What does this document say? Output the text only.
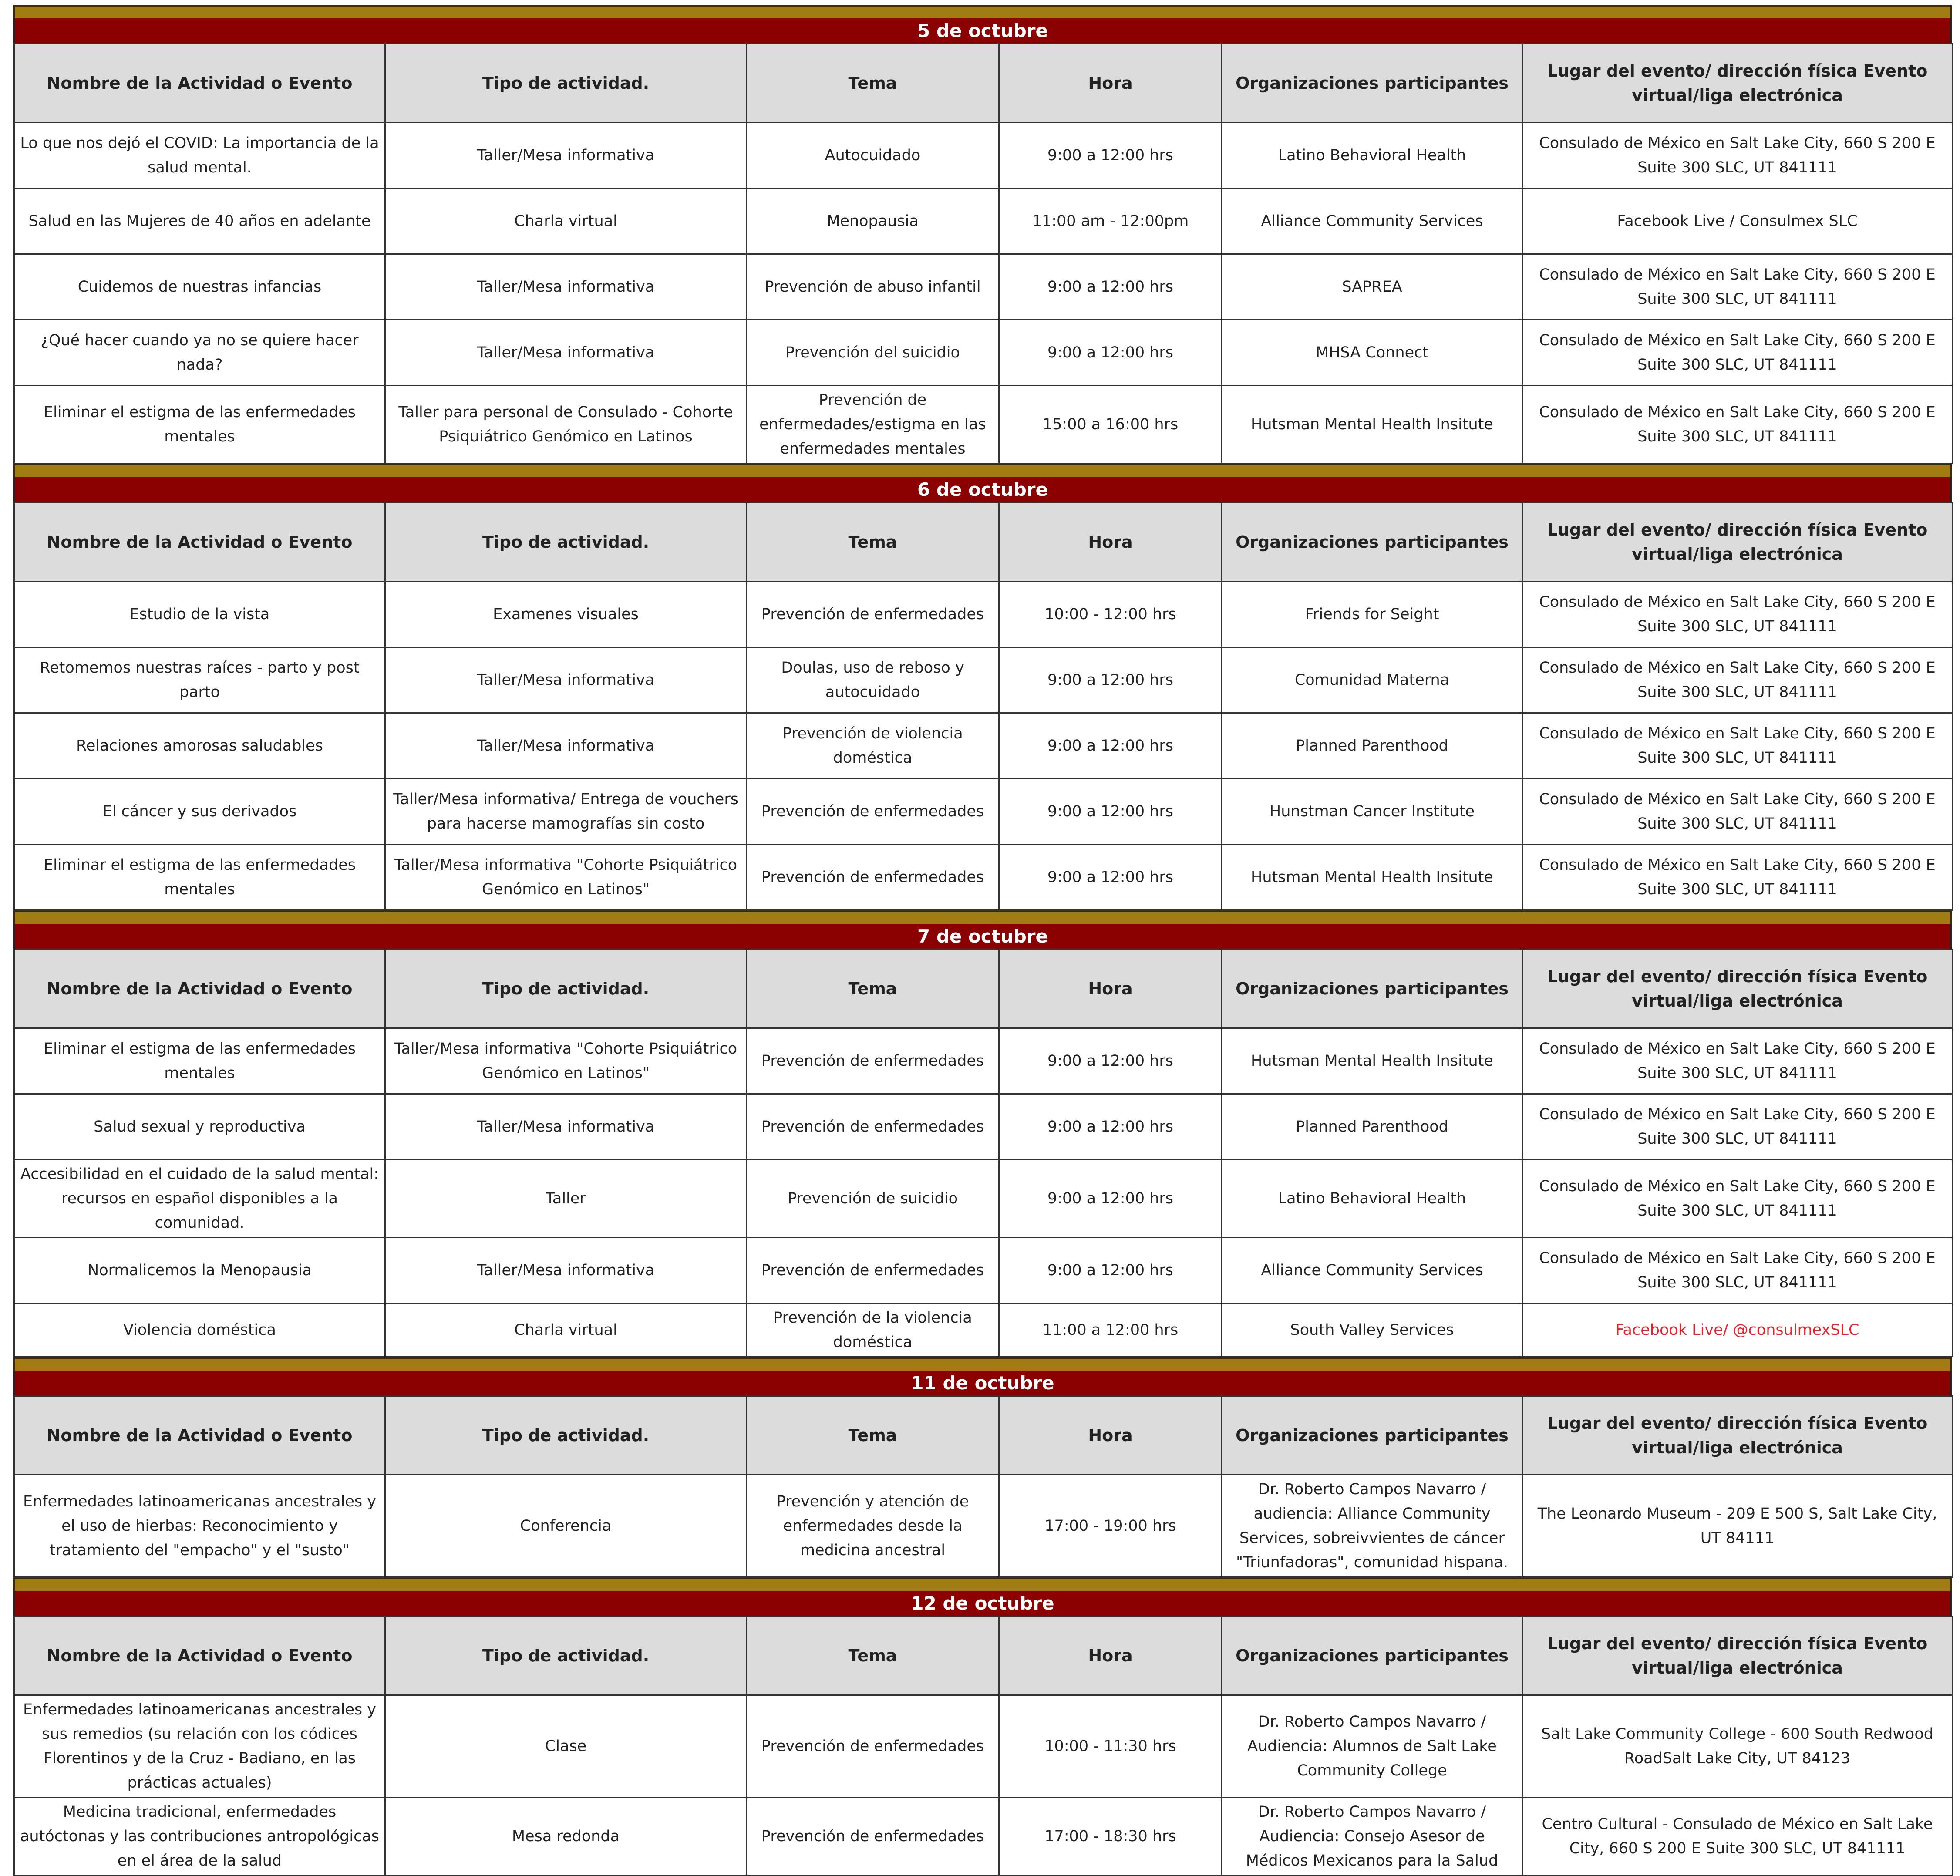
5 de octubre
Nombre de la Actividad o Evento	Tipo de actividad.	Tema	Hora	Organizaciones participantes	Lugar del evento/ dirección física Evento virtual/liga electrónica
Lo que nos dejó el COVID: La importancia de la salud mental.	Taller/Mesa informativa	Autocuidado	9:00 a 12:00 hrs	Latino Behavioral Health	Consulado de México en Salt Lake City, 660 S 200 E Suite 300 SLC, UT 841111
Salud en las Mujeres de 40 años en adelante	Charla virtual	Menopausia	11:00 am - 12:00pm	Alliance Community Services	Facebook Live / Consulmex SLC
Cuidemos de nuestras infancias	Taller/Mesa informativa	Prevención de abuso infantil	9:00 a 12:00 hrs	SAPREA	Consulado de México en Salt Lake City, 660 S 200 E Suite 300 SLC, UT 841111
¿Qué hacer cuando ya no se quiere hacer nada?	Taller/Mesa informativa	Prevención del suicidio	9:00 a 12:00 hrs	MHSA Connect	Consulado de México en Salt Lake City, 660 S 200 E Suite 300 SLC, UT 841111
Eliminar el estigma de las enfermedades mentales	Taller para personal de Consulado - Cohorte Psiquiátrico Genómico en Latinos	Prevención de enfermedades/estigma en las enfermedades mentales	15:00 a 16:00 hrs	Hutsman Mental Health Insitute	Consulado de México en Salt Lake City, 660 S 200 E Suite 300 SLC, UT 841111
6 de octubre
Nombre de la Actividad o Evento	Tipo de actividad.	Tema	Hora	Organizaciones participantes	Lugar del evento/ dirección física Evento virtual/liga electrónica
Estudio de la vista	Examenes visuales	Prevención de enfermedades	10:00 - 12:00 hrs	Friends for Seight	Consulado de México en Salt Lake City, 660 S 200 E Suite 300 SLC, UT 841111
Retomemos nuestras raíces - parto y post parto	Taller/Mesa informativa	Doulas, uso de reboso y autocuidado	9:00 a 12:00 hrs	Comunidad Materna	Consulado de México en Salt Lake City, 660 S 200 E Suite 300 SLC, UT 841111
Relaciones amorosas saludables	Taller/Mesa informativa	Prevención de violencia doméstica	9:00 a 12:00 hrs	Planned Parenthood	Consulado de México en Salt Lake City, 660 S 200 E Suite 300 SLC, UT 841111
El cáncer y sus derivados	Taller/Mesa informativa/ Entrega de vouchers para hacerse mamografías sin costo	Prevención de enfermedades	9:00 a 12:00 hrs	Hunstman Cancer Institute	Consulado de México en Salt Lake City, 660 S 200 E Suite 300 SLC, UT 841111
Eliminar el estigma de las enfermedades mentales	Taller/Mesa informativa "Cohorte Psiquiátrico Genómico en Latinos"	Prevención de enfermedades	9:00 a 12:00 hrs	Hutsman Mental Health Insitute	Consulado de México en Salt Lake City, 660 S 200 E Suite 300 SLC, UT 841111
7 de octubre
Nombre de la Actividad o Evento	Tipo de actividad.	Tema	Hora	Organizaciones participantes	Lugar del evento/ dirección física Evento virtual/liga electrónica
Eliminar el estigma de las enfermedades mentales	Taller/Mesa informativa "Cohorte Psiquiátrico Genómico en Latinos"	Prevención de enfermedades	9:00 a 12:00 hrs	Hutsman Mental Health Insitute	Consulado de México en Salt Lake City, 660 S 200 E Suite 300 SLC, UT 841111
Salud sexual y reproductiva	Taller/Mesa informativa	Prevención de enfermedades	9:00 a 12:00 hrs	Planned Parenthood	Consulado de México en Salt Lake City, 660 S 200 E Suite 300 SLC, UT 841111
Accesibilidad en el cuidado de la salud mental: recursos en español disponibles a la comunidad.	Taller	Prevención de suicidio	9:00 a 12:00 hrs	Latino Behavioral Health	Consulado de México en Salt Lake City, 660 S 200 E Suite 300 SLC, UT 841111
Normalicemos la Menopausia	Taller/Mesa informativa	Prevención de enfermedades	9:00 a 12:00 hrs	Alliance Community Services	Consulado de México en Salt Lake City, 660 S 200 E Suite 300 SLC, UT 841111
Violencia doméstica	Charla virtual	Prevención de la violencia doméstica	11:00 a 12:00 hrs	South Valley Services	Facebook Live/ @consulmexSLC
11 de octubre
Nombre de la Actividad o Evento	Tipo de actividad.	Tema	Hora	Organizaciones participantes	Lugar del evento/ dirección física Evento virtual/liga electrónica
Enfermedades latinoamericanas ancestrales y el uso de hierbas: Reconocimiento y tratamiento del "empacho" y el "susto"	Conferencia	Prevención y atención de enfermedades desde la medicina ancestral	17:00 - 19:00 hrs	Dr. Roberto Campos Navarro / audiencia: Alliance Community Services, sobreivvientes de cáncer "Triunfadoras", comunidad hispana.	The Leonardo Museum - 209 E 500 S, Salt Lake City, UT 84111
12 de octubre
Nombre de la Actividad o Evento	Tipo de actividad.	Tema	Hora	Organizaciones participantes	Lugar del evento/ dirección física Evento virtual/liga electrónica
Enfermedades latinoamericanas ancestrales y sus remedios (su relación con los códices Florentinos y de la Cruz - Badiano, en las prácticas actuales)	Clase	Prevención de enfermedades	10:00 - 11:30 hrs	Dr. Roberto Campos Navarro / Audiencia: Alumnos de Salt Lake Community College	Salt Lake Community College - 600 South Redwood RoadSalt Lake City, UT 84123
Medicina tradicional, enfermedades autóctonas y las contribuciones antropológicas en el área de la salud	Mesa redonda	Prevención de enfermedades	17:00 - 18:30 hrs	Dr. Roberto Campos Navarro / Audiencia: Consejo Asesor de Médicos Mexicanos para la Salud	Centro Cultural - Consulado de México en Salt Lake City, 660 S 200 E Suite 300 SLC, UT 841111
